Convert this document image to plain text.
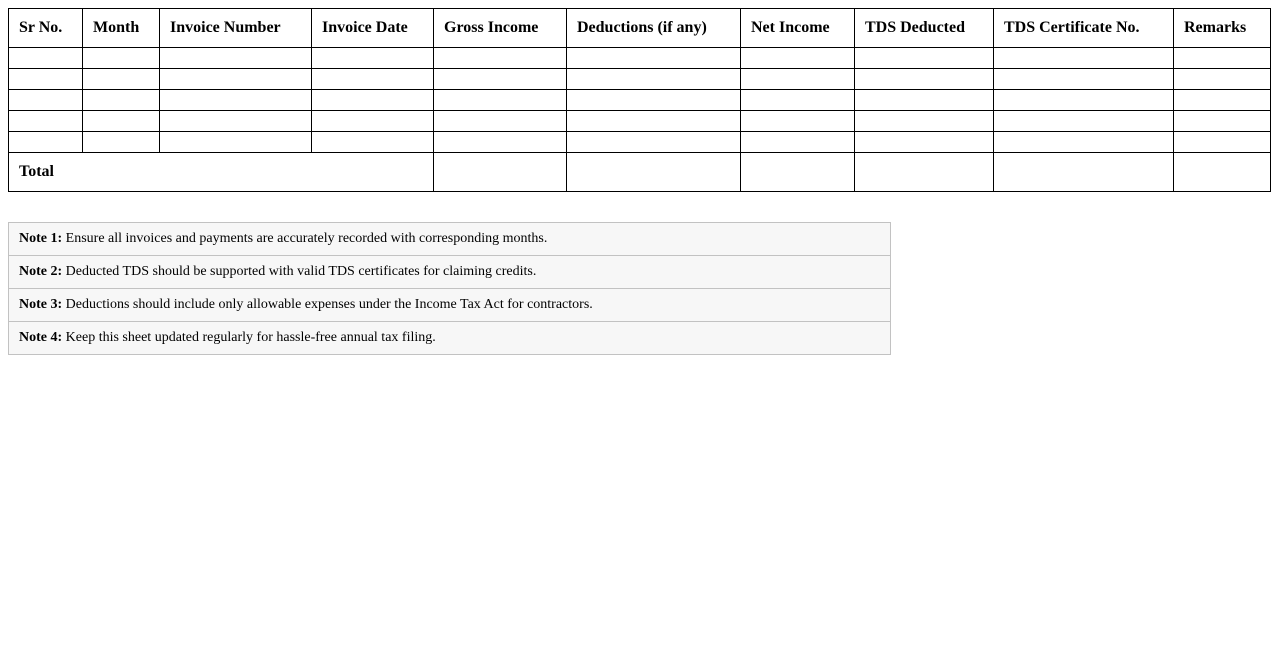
Sr No.	Month	Invoice Number	Invoice Date	Gross Income	Deductions (if any)	Net Income	TDS Deducted	TDS Certificate No.	Remarks

Total									
Note 1: Ensure all invoices and payments are accurately recorded with corresponding months.
Note 2: Deducted TDS should be supported with valid TDS certificates for claiming credits.
Note 3: Deductions should include only allowable expenses under the Income Tax Act for contractors.
Note 4: Keep this sheet updated regularly for hassle-free annual tax filing.
